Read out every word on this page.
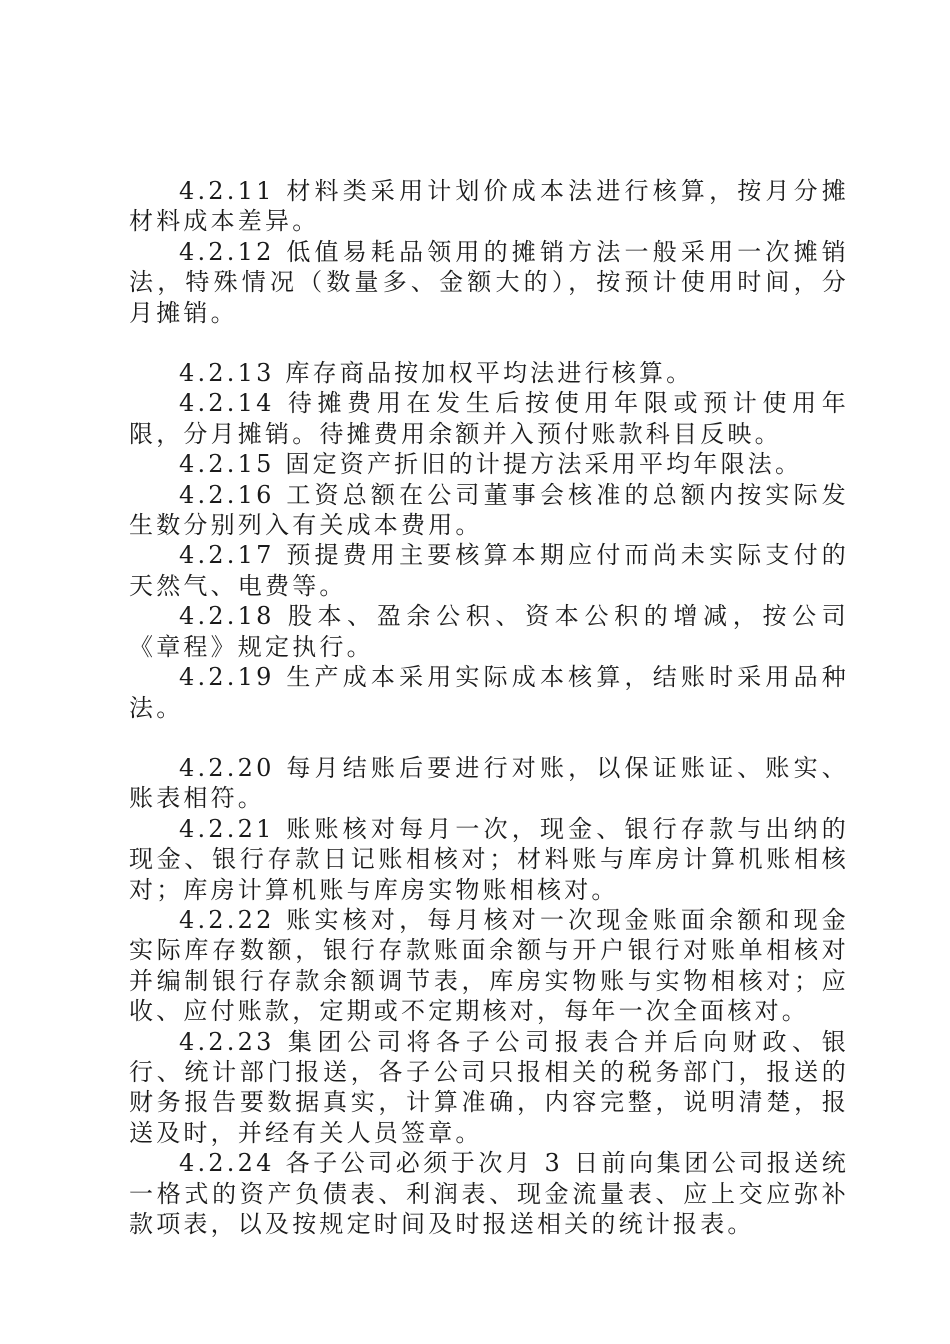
4.2.11 材料类采用计划价成本法进行核算，按月分摊材料成本差异。

4.2.12 低值易耗品领用的摊销方法一般采用一次摊销法，特殊情况（数量多、金额大的），按预计使用时间，分月摊销。

4.2.13 库存商品按加权平均法进行核算。

4.2.14 待摊费用在发生后按使用年限或预计使用年限，分月摊销。待摊费用余额并入预付账款科目反映。

4.2.15 固定资产折旧的计提方法采用平均年限法。

4.2.16 工资总额在公司董事会核准的总额内按实际发生数分别列入有关成本费用。

4.2.17 预提费用主要核算本期应付而尚未实际支付的天然气、电费等。

4.2.18 股本、盈余公积、资本公积的增减，按公司《章程》规定执行。

4.2.19 生产成本采用实际成本核算，结账时采用品种法。

4.2.20 每月结账后要进行对账，以保证账证、账实、账表相符。

4.2.21 账账核对每月一次，现金、银行存款与出纳的现金、银行存款日记账相核对；材料账与库房计算机账相核对；库房计算机账与库房实物账相核对。

4.2.22 账实核对，每月核对一次现金账面余额和现金实际库存数额，银行存款账面余额与开户银行对账单相核对并编制银行存款余额调节表，库房实物账与实物相核对；应收、应付账款，定期或不定期核对，每年一次全面核对。

4.2.23 集团公司将各子公司报表合并后向财政、银行、统计部门报送，各子公司只报相关的税务部门，报送的财务报告要数据真实，计算准确，内容完整，说明清楚，报送及时，并经有关人员签章。

4.2.24 各子公司必须于次月 3 日前向集团公司报送统一格式的资产负债表、利润表、现金流量表、应上交应弥补款项表，以及按规定时间及时报送相关的统计报表。
